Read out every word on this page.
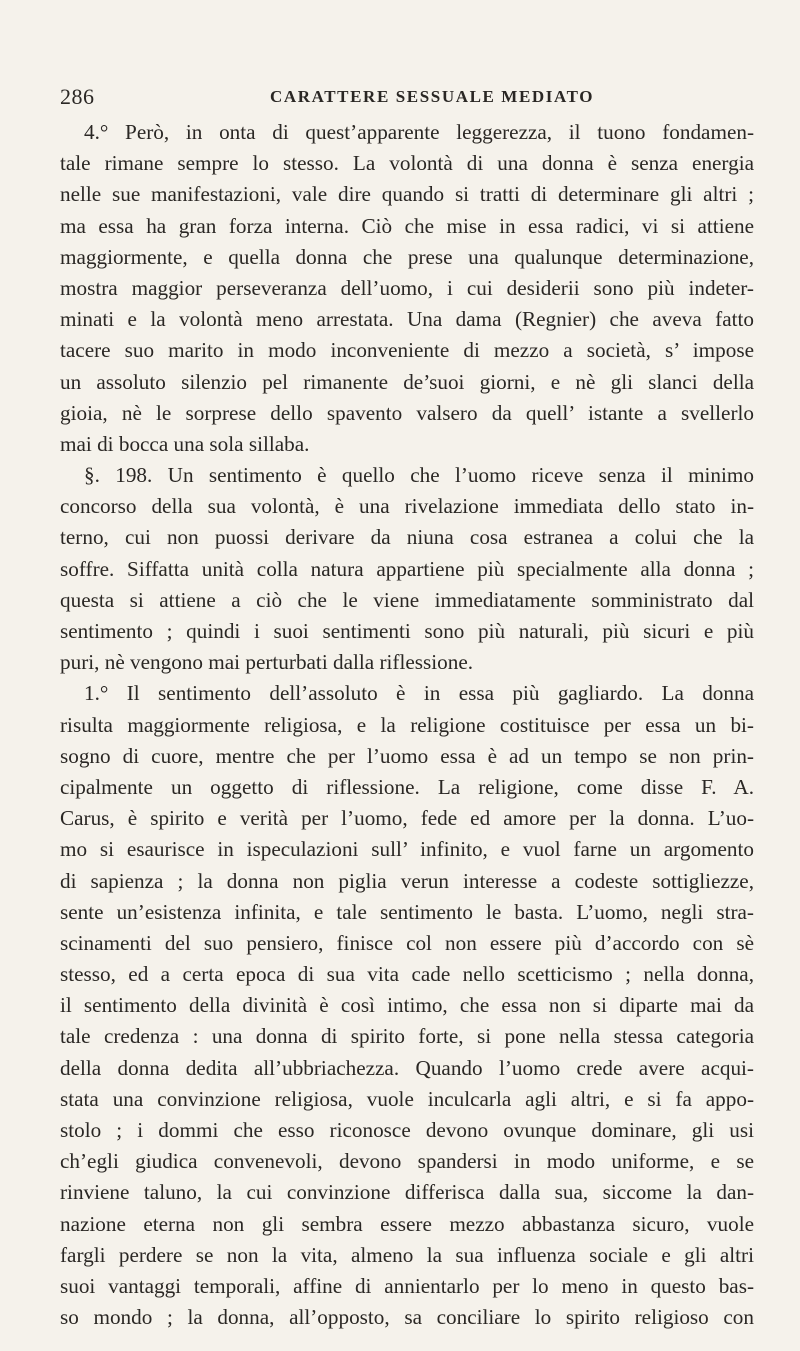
286	CARATTERE SESSUALE MEDIATO
4.° Però, in onta di quest’apparente leggerezza, il tuono fondamen-
tale rimane sempre lo stesso. La volontà di una donna è senza energia
nelle sue manifestazioni, vale dire quando si tratti di determinare gli altri ;
ma essa ha gran forza interna. Ciò che mise in essa radici, vi si attiene
maggiormente, e quella donna che prese una qualunque determinazione,
mostra maggior perseveranza dell’uomo, i cui desiderii sono più indeter-
minati e la volontà meno arrestata. Una dama (Regnier) che aveva fatto
tacere suo marito in modo inconveniente di mezzo a società, s’ impose
un assoluto silenzio pel rimanente de’suoi giorni, e nè gli slanci della
gioia, nè le sorprese dello spavento valsero da quell’ istante a svellerlo
mai di bocca una sola sillaba.
§. 198. Un sentimento è quello che l’uomo riceve senza il minimo
concorso della sua volontà, è una rivelazione immediata dello stato in-
terno, cui non puossi derivare da niuna cosa estranea a colui che la
soffre. Siffatta unità colla natura appartiene più specialmente alla donna ;
questa si attiene a ciò che le viene immediatamente somministrato dal
sentimento ; quindi i suoi sentimenti sono più naturali, più sicuri e più
puri, nè vengono mai perturbati dalla riflessione.
1.° Il sentimento dell’assoluto è in essa più gagliardo. La donna
risulta maggiormente religiosa, e la religione costituisce per essa un bi-
sogno di cuore, mentre che per l’uomo essa è ad un tempo se non prin-
cipalmente un oggetto di riflessione. La religione, come disse F. A.
Carus, è spirito e verità per l’uomo, fede ed amore per la donna. L’uo-
mo si esaurisce in ispeculazioni sull’ infinito, e vuol farne un argomento
di sapienza ; la donna non piglia verun interesse a codeste sottigliezze,
sente un’esistenza infinita, e tale sentimento le basta. L’uomo, negli stra-
scinamenti del suo pensiero, finisce col non essere più d’accordo con sè
stesso, ed a certa epoca di sua vita cade nello scetticismo ; nella donna,
il sentimento della divinità è così intimo, che essa non si diparte mai da
tale credenza : una donna di spirito forte, si pone nella stessa categoria
della donna dedita all’ubbriachezza. Quando l’uomo crede avere acqui-
stata una convinzione religiosa, vuole inculcarla agli altri, e si fa appo-
stolo ; i dommi che esso riconosce devono ovunque dominare, gli usi
ch’egli giudica convenevoli, devono spandersi in modo uniforme, e se
rinviene taluno, la cui convinzione differisca dalla sua, siccome la dan-
nazione eterna non gli sembra essere mezzo abbastanza sicuro, vuole
fargli perdere se non la vita, almeno la sua influenza sociale e gli altri
suoi vantaggi temporali, affine di annientarlo per lo meno in questo bas-
so mondo ; la donna, all’opposto, sa conciliare lo spirito religioso con
